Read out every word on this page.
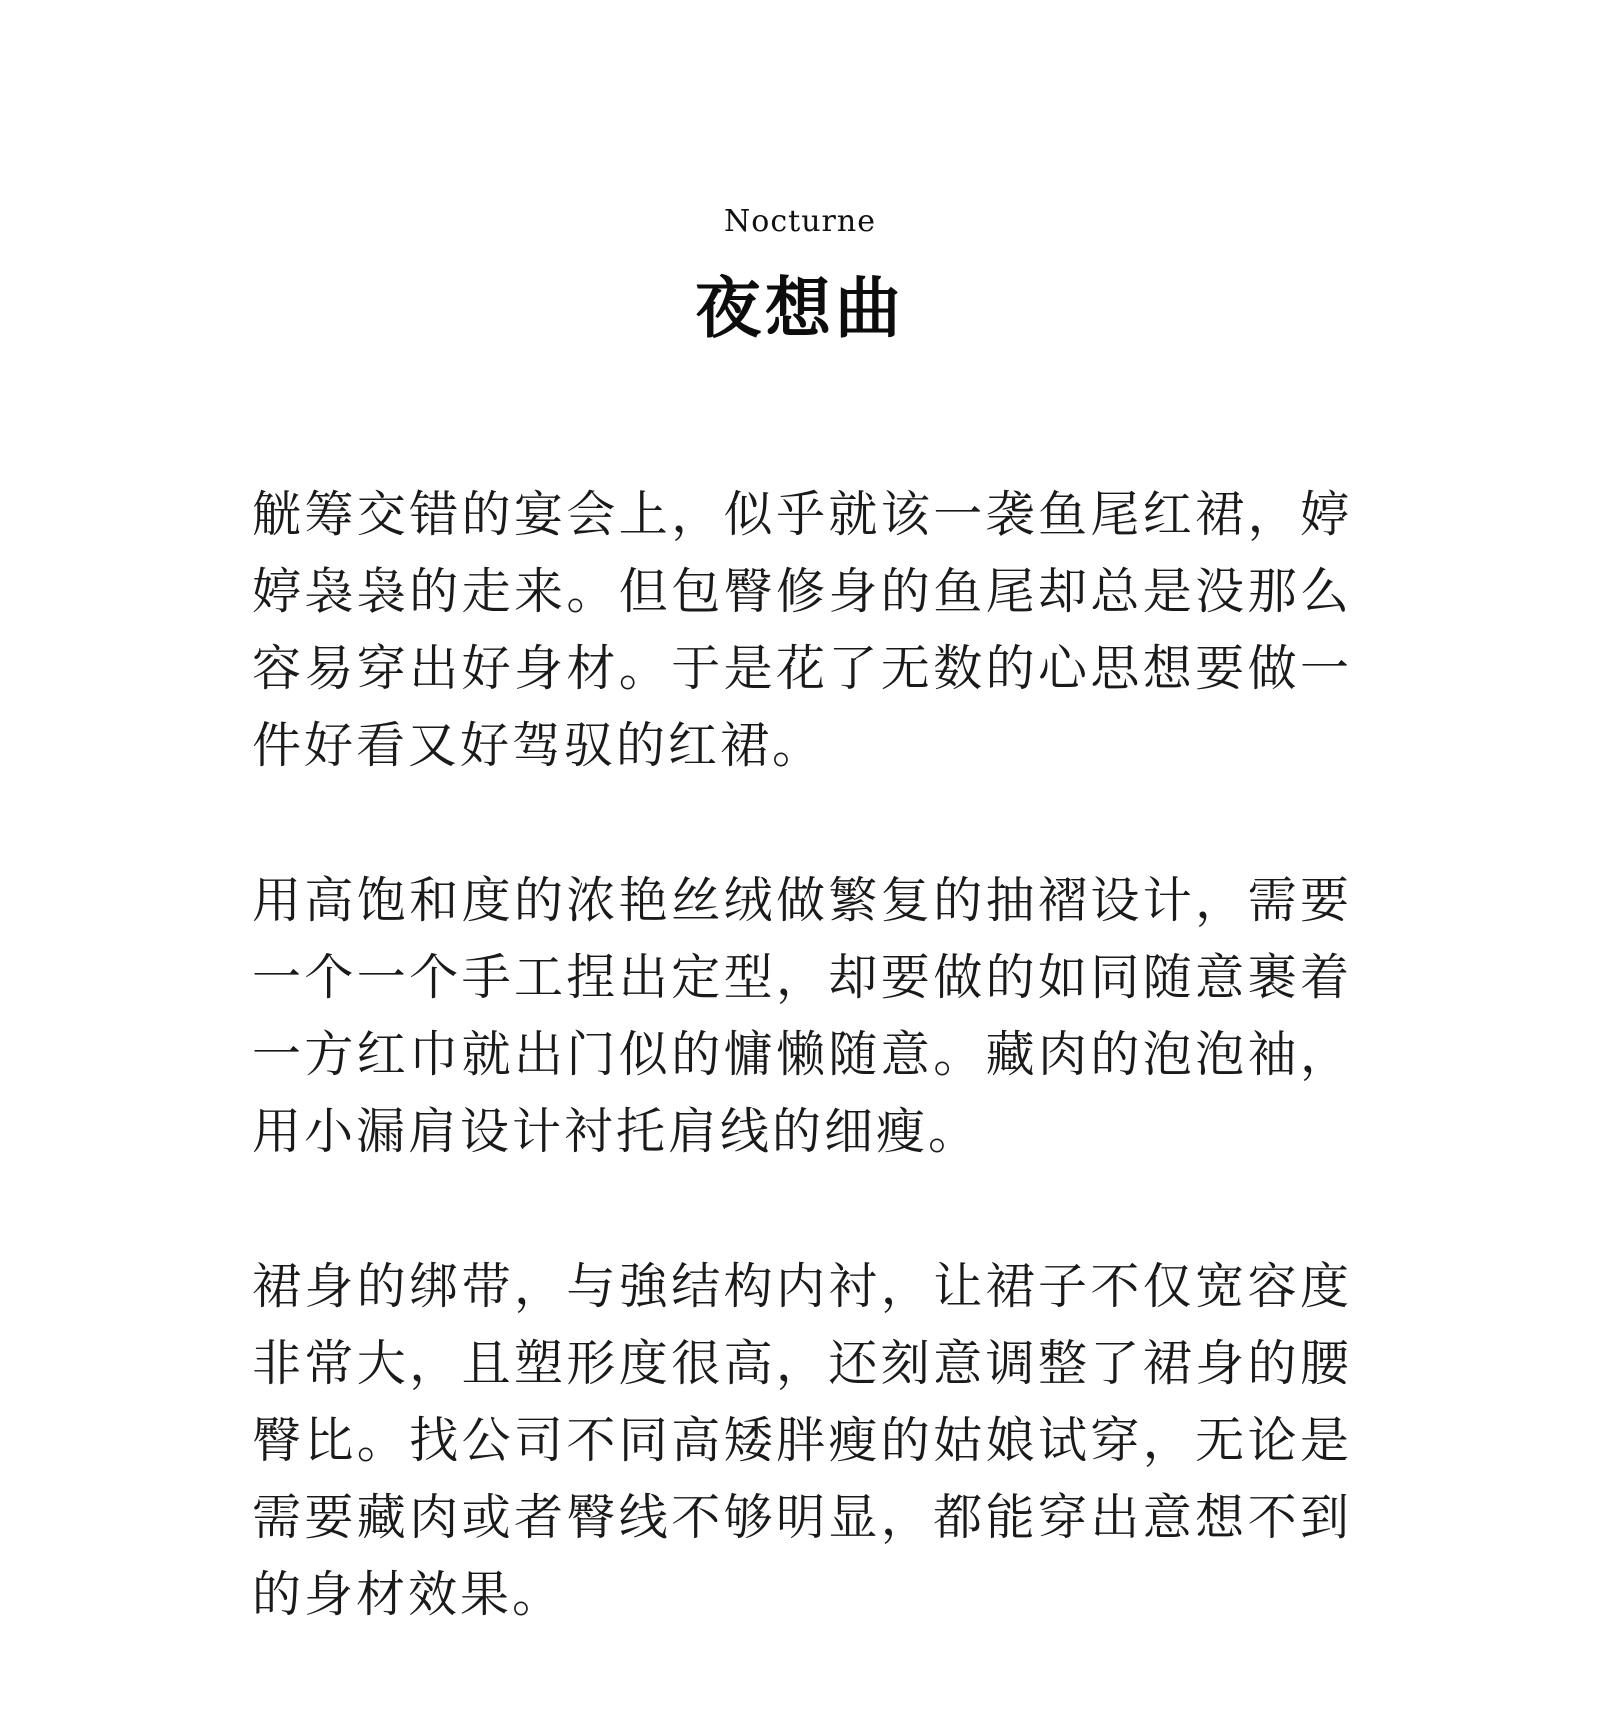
Nocturne
夜想曲

觥筹交错的宴会上，似乎就该一袭鱼尾红裙，婷婷袅袅的走来。但包臀修身的鱼尾却总是没那么容易穿出好身材。于是花了无数的心思想要做一件好看又好驾驭的红裙。

用高饱和度的浓艳丝绒做繁复的抽褶设计，需要一个一个手工捏出定型，却要做的如同随意裹着一方红巾就出门似的慵懒随意。藏肉的泡泡袖，用小漏肩设计衬托肩线的细瘦。

裙身的绑带，与強结构内衬，让裙子不仅宽容度非常大，且塑形度很高，还刻意调整了裙身的腰臀比。找公司不同高矮胖瘦的姑娘试穿，无论是需要藏肉或者臀线不够明显，都能穿出意想不到的身材效果。
